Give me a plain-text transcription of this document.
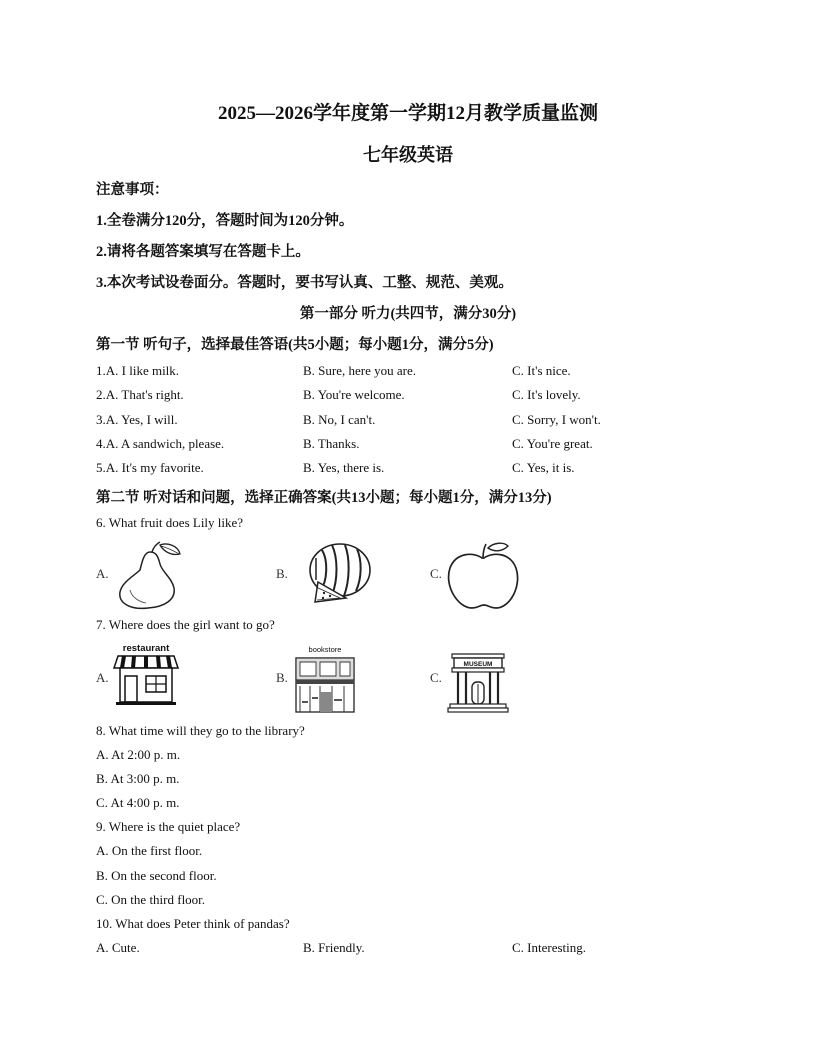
2025—2026学年度第一学期12月教学质量监测
七年级英语
注意事项：
1.全卷满分120分，答题时间为120分钟。
2.请将各题答案填写在答题卡上。
3.本次考试设卷面分。答题时，要书写认真、工整、规范、美观。
第一部分 听力(共四节，满分30分)
第一节 听句子，选择最佳答语(共5小题；每小题1分，满分5分)
1.A. I like milk.	B. Sure, here you are.	C. It's nice.
2.A. That's right.	B. You're welcome.	C. It's lovely.
3.A. Yes, I will.	B. No, I can't.	C. Sorry, I won't.
4.A. A sandwich, please.	B. Thanks.	C. You're great.
5.A. It's my favorite.	B. Yes, there is.	C. Yes, it is.
第二节 听对话和问题，选择正确答案(共13小题；每小题1分，满分13分)
6. What fruit does Lily like?
A.	B.	C.
7. Where does the girl want to go?
A.	B.	C.
restaurant	bookstore
MUSEUM
8. What time will they go to the library?
A. At 2:00 p. m.
B. At 3:00 p. m.
C. At 4:00 p. m.
9. Where is the quiet place?
A. On the first floor.
B. On the second floor.
C. On the third floor.
10. What does Peter think of pandas?
A. Cute.	B. Friendly.	C. Interesting.
